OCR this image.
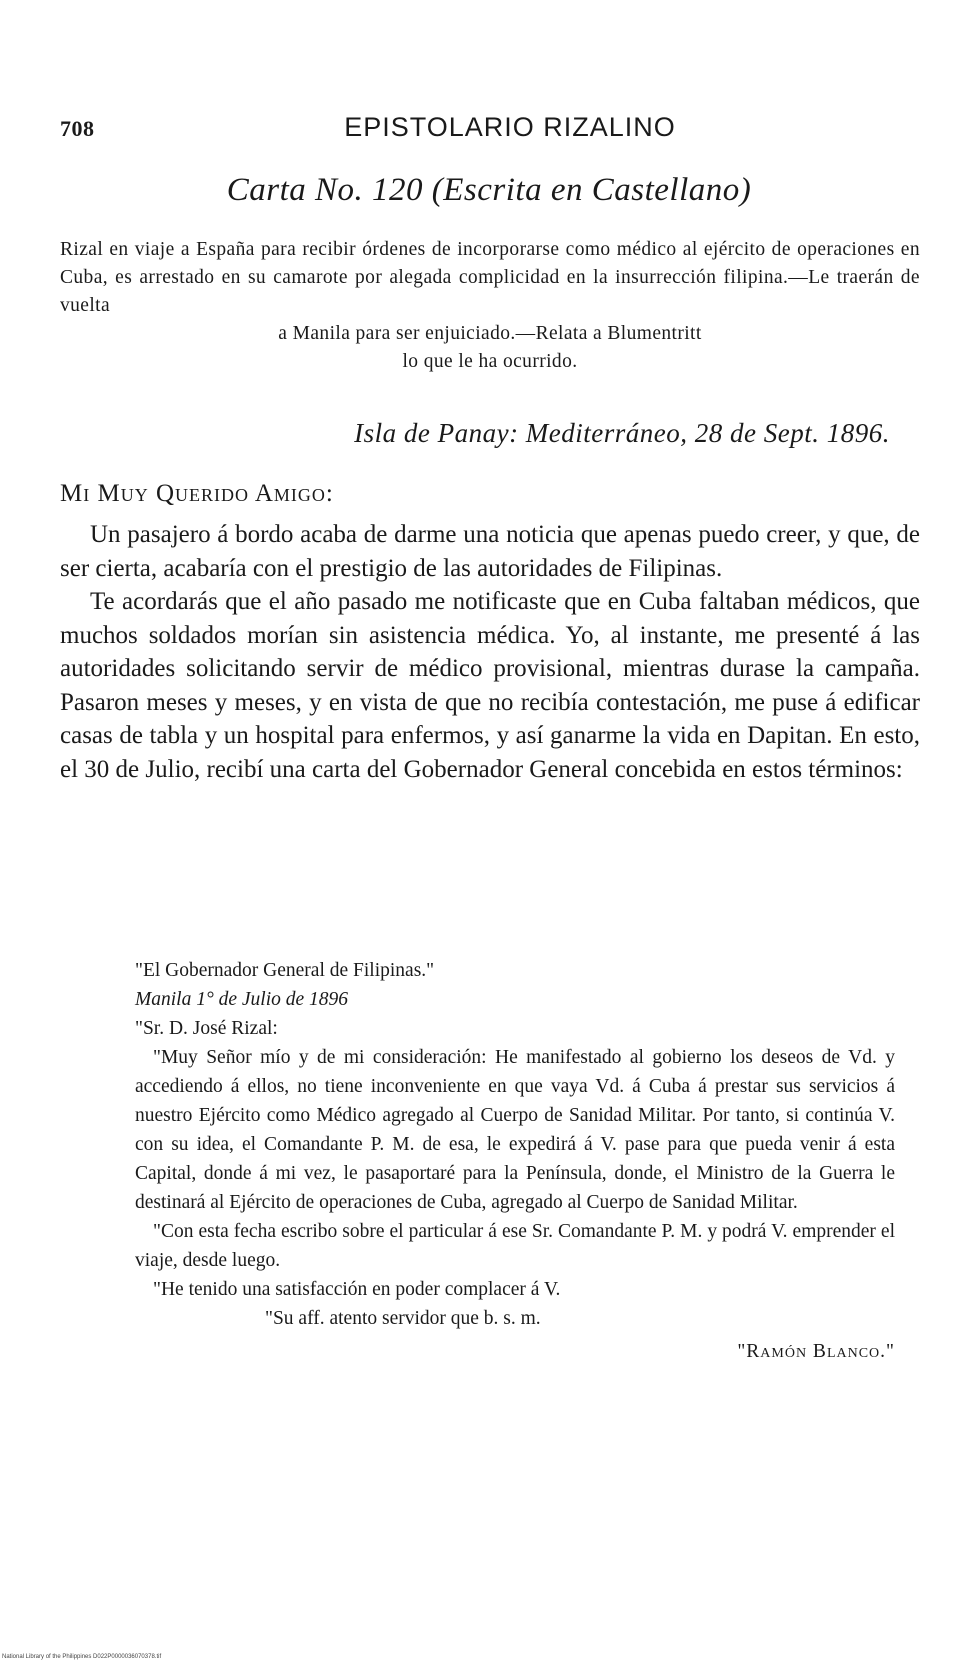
708	EPISTOLARIO RIZALINO
Carta No. 120 (Escrita en Castellano)
Rizal en viaje a España para recibir órdenes de incorporarse como médico al ejército de operaciones en Cuba, es arrestado en su camarote por alegada complicidad en la insurrección filipina.—Le traerán de vuelta
a Manila para ser enjuiciado.—Relata a Blumentritt
lo que le ha ocurrido.
Isla de Panay: Mediterráneo, 28 de Sept. 1896.
Mi Muy Querido Amigo:

Un pasajero á bordo acaba de darme una noticia que apenas puedo creer, y que, de ser cierta, acabaría con el prestigio de las autoridades de Filipinas.

Te acordarás que el año pasado me notificaste que en Cuba faltaban médicos, que muchos soldados morían sin asistencia médica. Yo, al instante, me presenté á las autoridades solicitando servir de médico provisional, mientras durase la campaña. Pasaron meses y meses, y en vista de que no recibía contestación, me puse á edificar casas de tabla y un hospital para enfermos, y así ganarme la vida en Dapitan. En esto, el 30 de Julio, recibí una carta del Gobernador General concebida en estos términos:

"El Gobernador General de Filipinas."
Manila 1° de Julio de 1896
"Sr. D. José Rizal:

"Muy Señor mío y de mi consideración: He manifestado al gobierno los deseos de Vd. y accediendo á ellos, no tiene inconveniente en que vaya Vd. á Cuba á prestar sus servicios á nuestro Ejército como Médico agregado al Cuerpo de Sanidad Militar. Por tanto, si continúa V. con su idea, el Comandante P. M. de esa, le expedirá á V. pase para que pueda venir á esta Capital, donde á mi vez, le pasaportaré para la Península, donde, el Ministro de la Guerra le destinará al Ejército de operaciones de Cuba, agregado al Cuerpo de Sanidad Militar.

"Con esta fecha escribo sobre el particular á ese Sr. Comandante P. M. y podrá V. emprender el viaje, desde luego.

"He tenido una satisfacción en poder complacer á V.

"Su aff. atento servidor que b. s. m.
"Ramón Blanco."
National Library of the Philippines D022P0000036070378.tif
